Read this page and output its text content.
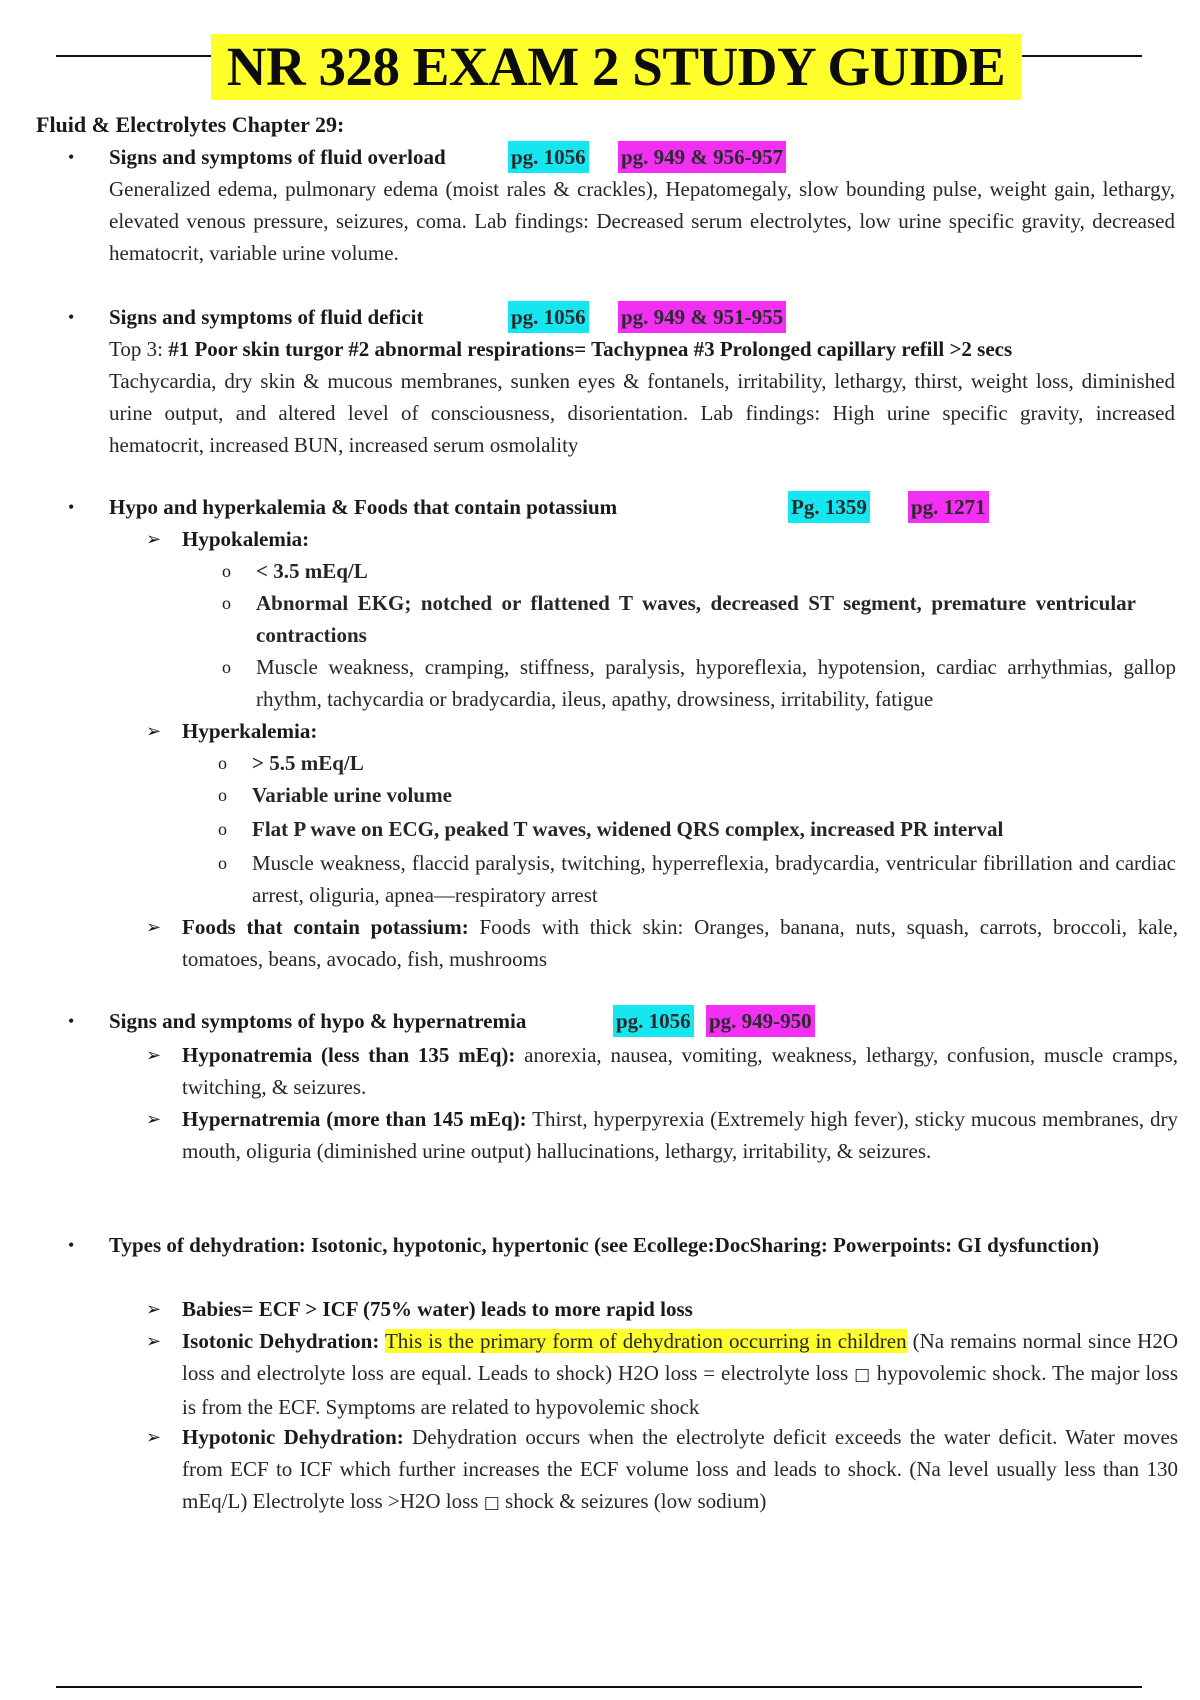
NR 328 EXAM 2 STUDY GUIDE
Fluid & Electrolytes Chapter 29:
• Signs and symptoms of fluid overload	pg. 1056 pg. 949 & 956-957
Generalized edema, pulmonary edema (moist rales & crackles), Hepatomegaly, slow bounding pulse, weight gain, lethargy, elevated venous pressure, seizures, coma. Lab findings: Decreased serum electrolytes, low urine specific gravity, decreased hematocrit, variable urine volume.
• Signs and symptoms of fluid deficit	pg. 1056 pg. 949 & 951-955
Top 3: #1 Poor skin turgor #2 abnormal respirations= Tachypnea #3 Prolonged capillary refill >2 secs
Tachycardia, dry skin & mucous membranes, sunken eyes & fontanels, irritability, lethargy, thirst, weight loss, diminished urine output, and altered level of consciousness, disorientation. Lab findings: High urine specific gravity, increased hematocrit, increased BUN, increased serum osmolality
• Hypo and hyperkalemia & Foods that contain potassium	Pg. 1359 pg. 1271
➢ Hypokalemia:
o < 3.5 mEq/L
o Abnormal EKG; notched or flattened T waves, decreased ST segment, premature ventricular contractions
o Muscle weakness, cramping, stiffness, paralysis, hyporeflexia, hypotension, cardiac arrhythmias, gallop rhythm, tachycardia or bradycardia, ileus, apathy, drowsiness, irritability, fatigue
➢ Hyperkalemia:
o > 5.5 mEq/L
o Variable urine volume
o Flat P wave on ECG, peaked T waves, widened QRS complex, increased PR interval
o Muscle weakness, flaccid paralysis, twitching, hyperreflexia, bradycardia, ventricular fibrillation and cardiac arrest, oliguria, apnea—respiratory arrest
➢ Foods that contain potassium: Foods with thick skin: Oranges, banana, nuts, squash, carrots, broccoli, kale, tomatoes, beans, avocado, fish, mushrooms
• Signs and symptoms of hypo & hypernatremia	pg. 1056 pg. 949-950
➢ Hyponatremia (less than 135 mEq): anorexia, nausea, vomiting, weakness, lethargy, confusion, muscle cramps, twitching, & seizures.
➢ Hypernatremia (more than 145 mEq): Thirst, hyperpyrexia (Extremely high fever), sticky mucous membranes, dry mouth, oliguria (diminished urine output) hallucinations, lethargy, irritability, & seizures.
• Types of dehydration: Isotonic, hypotonic, hypertonic (see Ecollege:DocSharing: Powerpoints: GI dysfunction)
➢ Babies= ECF > ICF (75% water) leads to more rapid loss
➢ Isotonic Dehydration: This is the primary form of dehydration occurring in children (Na remains normal since H2O loss and electrolyte loss are equal. Leads to shock) H2O loss = electrolyte loss □ hypovolemic shock. The major loss is from the ECF. Symptoms are related to hypovolemic shock
➢ Hypotonic Dehydration: Dehydration occurs when the electrolyte deficit exceeds the water deficit. Water moves from ECF to ICF which further increases the ECF volume loss and leads to shock. (Na level usually less than 130 mEq/L) Electrolyte loss >H2O loss □ shock & seizures (low sodium)
